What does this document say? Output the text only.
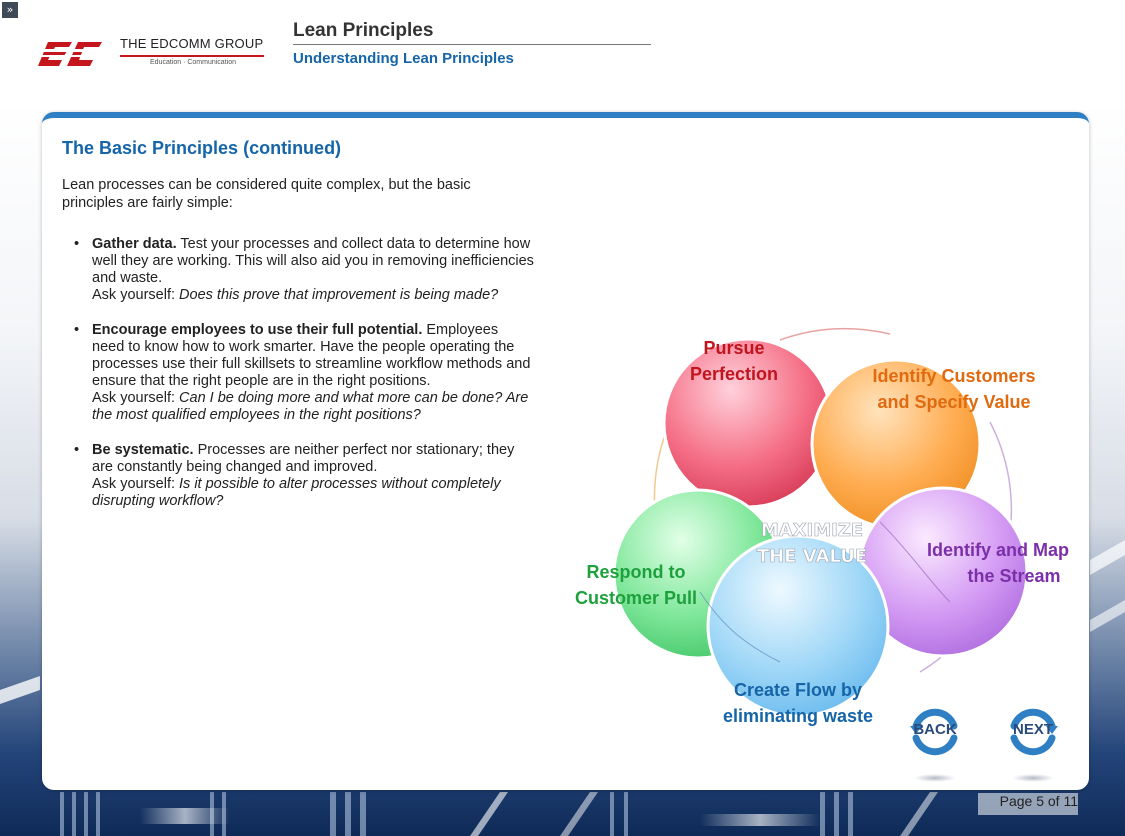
»
THE EDCOMM GROUP
Education · Communication
Lean Principles
Understanding Lean Principles
The Basic Principles (continued)
Lean processes can be considered quite complex, but the basic principles are fairly simple:
• Gather data. Test your processes and collect data to determine how well they are working. This will also aid you in removing inefficiencies and waste.
Ask yourself: Does this prove that improvement is being made?
• Encourage employees to use their full potential. Employees need to know how to work smarter. Have the people operating the processes use their full skillsets to streamline workflow methods and ensure that the right people are in the right positions.
Ask yourself: Can I be doing more and what more can be done? Are the most qualified employees in the right positions?
• Be systematic. Processes are neither perfect nor stationary; they are constantly being changed and improved.
Ask yourself: Is it possible to alter processes without completely disrupting workflow?
MAXIMIZE
THE VALUE
Pursue
Perfection	Identify Customers
and Specify Value
Identify and Map
the Stream
Create Flow by
eliminating waste
Respond to
Customer Pull
BACK	NEXT
Page 5 of 11
